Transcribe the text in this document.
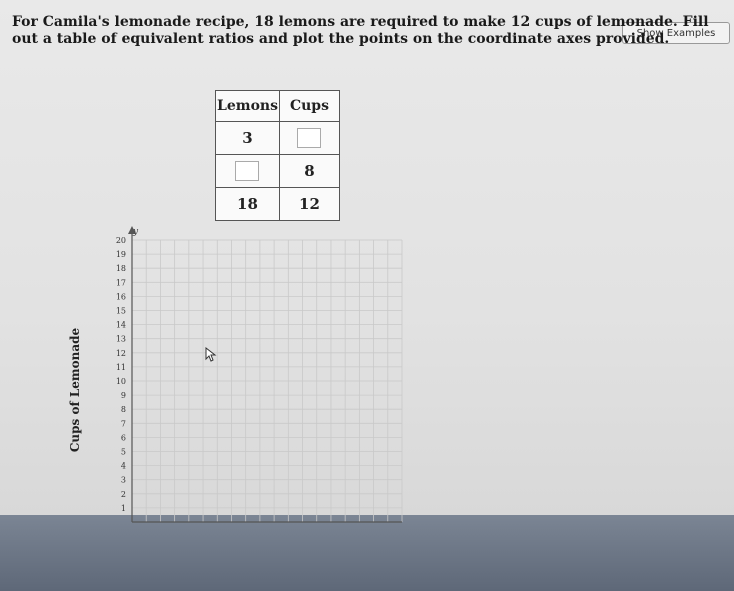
Show Examples
For Camila's lemonade recipe, 18 lemons are required to make 12 cups of lemonade. Fill out a table of equivalent ratios and plot the points on the coordinate axes provided.
Lemons	Cups
3	
	8
18	12
1
2
3
4
5
6
7
8
9
10
11
12
13
14
15
16
17
18
19
20
y
Cups of Lemonade
